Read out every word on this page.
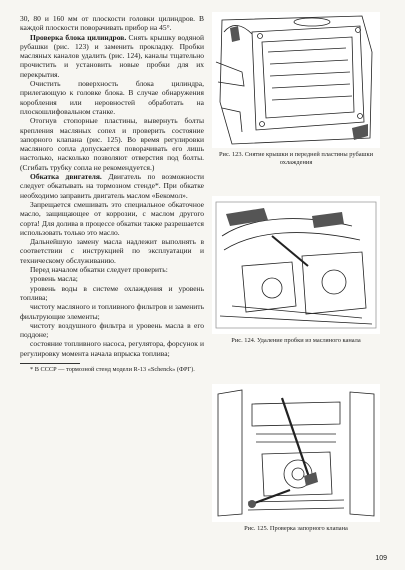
30, 80 и 160 мм от плоскости головки цилиндров. В каждой плоскости поворачивать прибор на 45°.

Проверка блока цилиндров. Снять крышку водяной рубашки (рис. 123) и заменить прокладку. Пробки масляных каналов удалить (рис. 124), каналы тщательно прочистить и установить новые пробки для их перекрытия.

Очистить поверхность блока цилиндра, прилегающую к головке блока. В случае обнаружения коробления или неровностей обработать на плоскошлифовальном станке.

Отогнув стопорные пластины, вывернуть болты крепления масляных сопел и проверить состояние запорного клапана (рис. 125). Во время регулировки масляного сопла допускается поворачивать его лишь настолько, насколько позволяют отверстия под болты. (Сгибать трубку сопла не рекомендуется.)

Обкатка двигателя. Двигатель по возможности следует обкатывать на тормозном стенде*. При обкатке необходимо заправить двигатель маслом «Бекомол».

Запрещается смешивать это специальное обкаточное масло, защищающее от коррозии, с маслом другого сорта! Для долива в процессе обкатки также разрешается использовать только это масло.

Дальнейшую замену масла надлежит выполнять в соответствии с инструкцией по эксплуатации и техническому обслуживанию.

Перед началом обкатки следует проверить:

уровень масла;

уровень воды в системе охлаждения и уровень топлива;

чистоту масляного и топливного фильтров и заменить фильтрующие элементы;

чистоту воздушного фильтра и уровень масла в его поддоне;

состояние топливного насоса, регулятора, форсунок и регулировку момента начала впрыска топлива;

* В СССР — тормозной стенд модели R-13 «Schenck» (ФРГ).

Рис. 123. Снятие крышки и передней пластины рубашки охлаждения
Рис. 124. Удаление пробки из масляного канала
Рис. 125. Проверка запорного клапана
109
